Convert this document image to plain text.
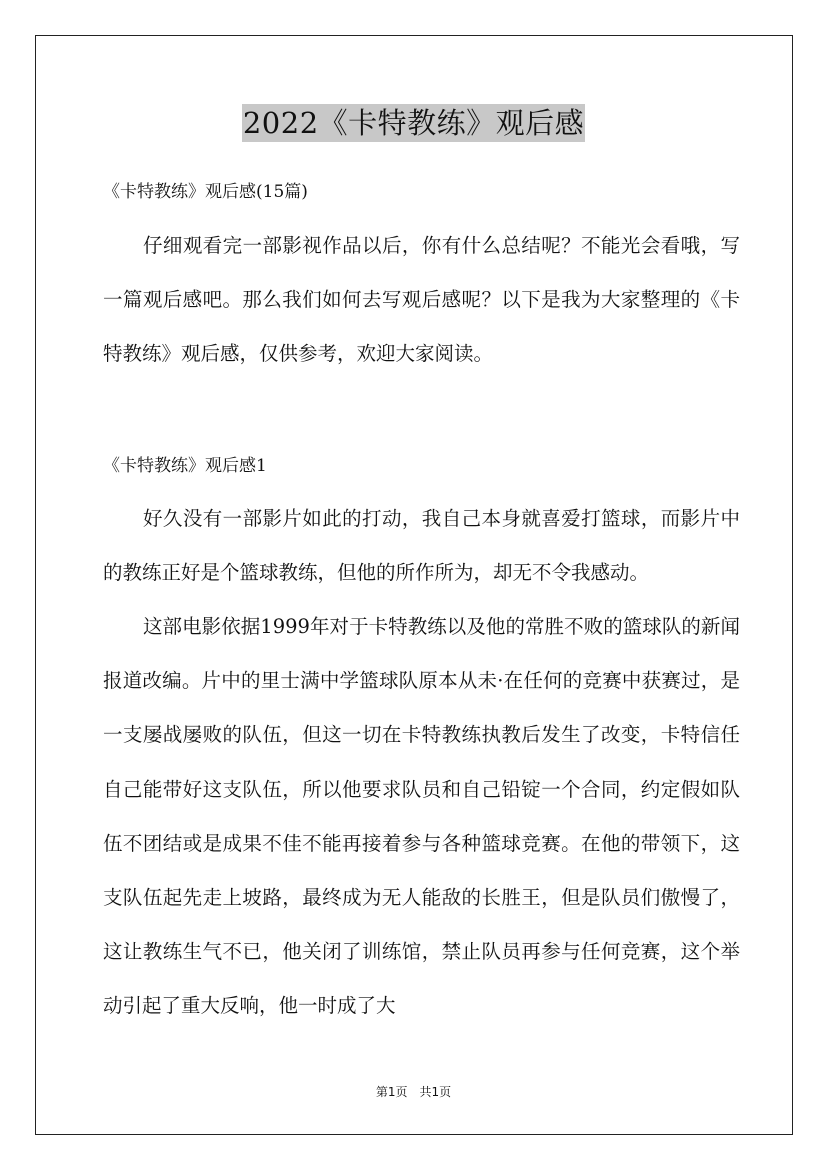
2022《卡特教练》观后感

《卡特教练》观后感(15篇)

仔细观看完一部影视作品以后，你有什么总结呢？不能光会看哦，写一篇观后感吧。那么我们如何去写观后感呢？以下是我为大家整理的《卡特教练》观后感，仅供参考，欢迎大家阅读。

《卡特教练》观后感1

好久没有一部影片如此的打动，我自己本身就喜爱打篮球，而影片中的教练正好是个篮球教练，但他的所作所为，却无不令我感动。

这部电影依据1999年对于卡特教练以及他的常胜不败的篮球队的新闻报道改编。片中的里士满中学篮球队原本从未·在任何的竞赛中获赛过，是一支屡战屡败的队伍，但这一切在卡特教练执教后发生了改变，卡特信任自己能带好这支队伍，所以他要求队员和自己铅锭一个合同，约定假如队伍不团结或是成果不佳不能再接着参与各种篮球竞赛。在他的带领下，这支队伍起先走上坡路，最终成为无人能敌的长胜王，但是队员们傲慢了，这让教练生气不已，他关闭了训练馆，禁止队员再参与任何竞赛，这个举动引起了重大反响，他一时成了大

第1页　共1页
